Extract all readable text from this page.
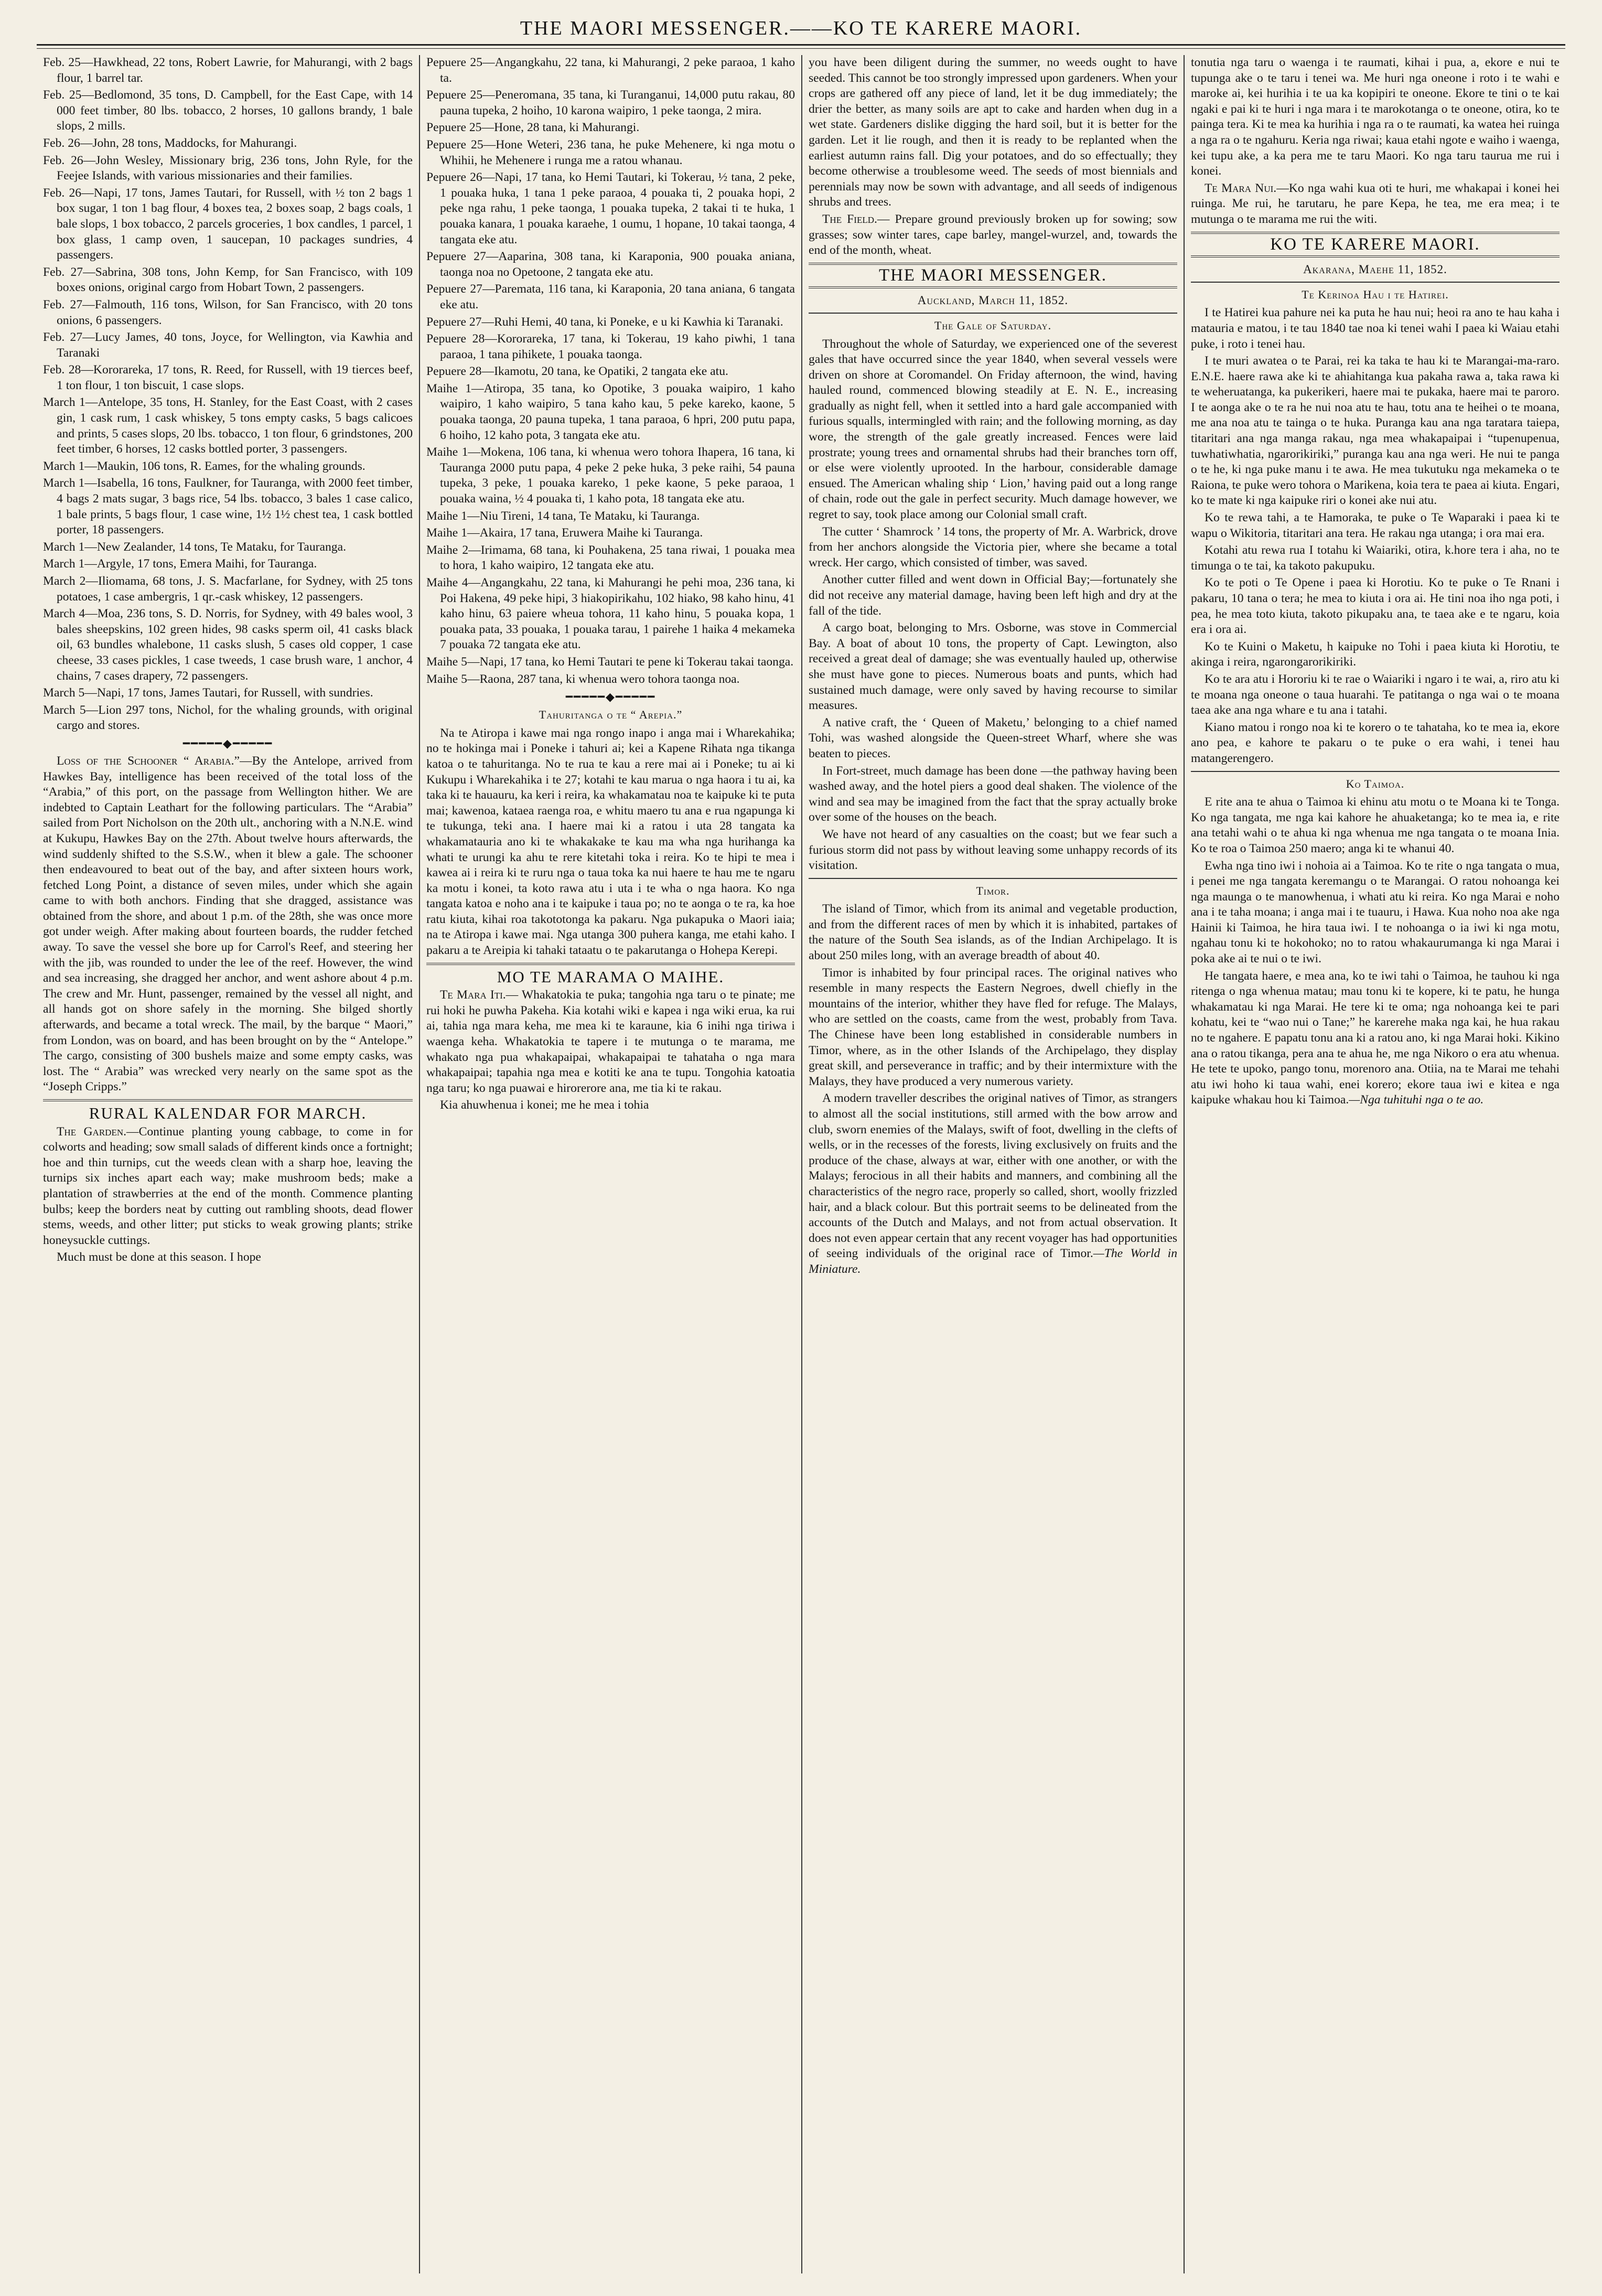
THE MAORI MESSENGER.——KO TE KARERE MAORI.

Feb. 25—Hawkhead, 22 tons, Robert Lawrie, for Mahurangi, with 2 bags flour, 1 barrel tar.

Feb. 25—Bedlomond, 35 tons, D. Campbell, for the East Cape, with 14 000 feet timber, 80 lbs. tobacco, 2 horses, 10 gallons brandy, 1 bale slops, 2 mills.

Feb. 26—John, 28 tons, Maddocks, for Mahurangi.

Feb. 26—John Wesley, Missionary brig, 236 tons, John Ryle, for the Feejee Islands, with various missionaries and their families.

Feb. 26—Napi, 17 tons, James Tautari, for Russell, with ½ ton 2 bags 1 box sugar, 1 ton 1 bag flour, 4 boxes tea, 2 boxes soap, 2 bags coals, 1 bale slops, 1 box tobacco, 2 parcels groceries, 1 box candles, 1 parcel, 1 box glass, 1 camp oven, 1 saucepan, 10 packages sundries, 4 passengers.

Feb. 27—Sabrina, 308 tons, John Kemp, for San Francisco, with 109 boxes onions, original cargo from Hobart Town, 2 passengers.

Feb. 27—Falmouth, 116 tons, Wilson, for San Francisco, with 20 tons onions, 6 passengers.

Feb. 27—Lucy James, 40 tons, Joyce, for Wellington, via Kawhia and Taranaki

Feb. 28—Kororareka, 17 tons, R. Reed, for Russell, with 19 tierces beef, 1 ton flour, 1 ton biscuit, 1 case slops.

March 1—Antelope, 35 tons, H. Stanley, for the East Coast, with 2 cases gin, 1 cask rum, 1 cask whiskey, 5 tons empty casks, 5 bags calicoes and prints, 5 cases slops, 20 lbs. tobacco, 1 ton flour, 6 grindstones, 200 feet timber, 6 horses, 12 casks bottled porter, 3 passengers.

March 1—Maukin, 106 tons, R. Eames, for the whaling grounds.

March 1—Isabella, 16 tons, Faulkner, for Tauranga, with 2000 feet timber, 4 bags 2 mats sugar, 3 bags rice, 54 lbs. tobacco, 3 bales 1 case calico, 1 bale prints, 5 bags flour, 1 case wine, 1½ 1½ chest tea, 1 cask bottled porter, 18 passengers.

March 1—New Zealander, 14 tons, Te Mataku, for Tauranga.

March 1—Argyle, 17 tons, Emera Maihi, for Tauranga.

March 2—Iliomama, 68 tons, J. S. Macfarlane, for Sydney, with 25 tons potatoes, 1 case ambergris, 1 qr.-cask whiskey, 12 passengers.

March 4—Moa, 236 tons, S. D. Norris, for Sydney, with 49 bales wool, 3 bales sheepskins, 102 green hides, 98 casks sperm oil, 41 casks black oil, 63 bundles whalebone, 11 casks slush, 5 cases old copper, 1 case cheese, 33 cases pickles, 1 case tweeds, 1 case brush ware, 1 anchor, 4 chains, 7 cases drapery, 72 passengers.

March 5—Napi, 17 tons, James Tautari, for Russell, with sundries.

March 5—Lion 297 tons, Nichol, for the whaling grounds, with original cargo and stores.

━━━━━◆━━━━━

Loss of the Schooner “ Arabia.”—By the Antelope, arrived from Hawkes Bay, intelligence has been received of the total loss of the “Arabia,” of this port, on the passage from Wellington hither. We are indebted to Captain Leathart for the following particulars. The “Arabia” sailed from Port Nicholson on the 20th ult., anchoring with a N.N.E. wind at Kukupu, Hawkes Bay on the 27th. About twelve hours afterwards, the wind suddenly shifted to the S.S.W., when it blew a gale. The schooner then endeavoured to beat out of the bay, and after sixteen hours work, fetched Long Point, a distance of seven miles, under which she again came to with both anchors. Finding that she dragged, assistance was obtained from the shore, and about 1 p.m. of the 28th, she was once more got under weigh. After making about fourteen boards, the rudder fetched away. To save the vessel she bore up for Carrol's Reef, and steering her with the jib, was rounded to under the lee of the reef. However, the wind and sea increasing, she dragged her anchor, and went ashore about 4 p.m. The crew and Mr. Hunt, passenger, remained by the vessel all night, and all hands got on shore safely in the morning. She bilged shortly afterwards, and became a total wreck. The mail, by the barque “ Maori,” from London, was on board, and has been brought on by the “ Antelope.” The cargo, consisting of 300 bushels maize and some empty casks, was lost. The “ Arabia” was wrecked very nearly on the same spot as the “Joseph Cripps.”

RURAL KALENDAR FOR MARCH.

The Garden.—Continue planting young cabbage, to come in for colworts and heading; sow small salads of different kinds once a fortnight; hoe and thin turnips, cut the weeds clean with a sharp hoe, leaving the turnips six inches apart each way; make mushroom beds; make a plantation of strawberries at the end of the month. Commence planting bulbs; keep the borders neat by cutting out rambling shoots, dead flower stems, weeds, and other litter; put sticks to weak growing plants; strike honeysuckle cuttings.

Much must be done at this season. I hope

Pepuere 25—Angangkahu, 22 tana, ki Mahurangi, 2 peke paraoa, 1 kaho ta.

Pepuere 25—Peneromana, 35 tana, ki Turanganui, 14,000 putu rakau, 80 pauna tupeka, 2 hoiho, 10 karona waipiro, 1 peke taonga, 2 mira.

Pepuere 25—Hone, 28 tana, ki Mahurangi.

Pepuere 25—Hone Weteri, 236 tana, he puke Mehenere, ki nga motu o Whihii, he Mehenere i runga me a ratou whanau.

Pepuere 26—Napi, 17 tana, ko Hemi Tautari, ki Tokerau, ½ tana, 2 peke, 1 pouaka huka, 1 tana 1 peke paraoa, 4 pouaka ti, 2 pouaka hopi, 2 peke nga rahu, 1 peke taonga, 1 pouaka tupeka, 2 takai ti te huka, 1 pouaka kanara, 1 pouaka karaehe, 1 oumu, 1 hopane, 10 takai taonga, 4 tangata eke atu.

Pepuere 27—Aaparina, 308 tana, ki Karaponia, 900 pouaka aniana, taonga noa no Opetoone, 2 tangata eke atu.

Pepuere 27—Paremata, 116 tana, ki Karaponia, 20 tana aniana, 6 tangata eke atu.

Pepuere 27—Ruhi Hemi, 40 tana, ki Poneke, e u ki Kawhia ki Taranaki.

Pepuere 28—Kororareka, 17 tana, ki Tokerau, 19 kaho piwhi, 1 tana paraoa, 1 tana pihikete, 1 pouaka taonga.

Pepuere 28—Ikamotu, 20 tana, ke Opatiki, 2 tangata eke atu.

Maihe 1—Atiropa, 35 tana, ko Opotike, 3 pouaka waipiro, 1 kaho waipiro, 1 kaho waipiro, 5 tana kaho kau, 5 peke kareko, kaone, 5 pouaka taonga, 20 pauna tupeka, 1 tana paraoa, 6 hpri, 200 putu papa, 6 hoiho, 12 kaho pota, 3 tangata eke atu.

Maihe 1—Mokena, 106 tana, ki whenua wero tohora Ihapera, 16 tana, ki Tauranga 2000 putu papa, 4 peke 2 peke huka, 3 peke raihi, 54 pauna tupeka, 3 peke, 1 pouaka kareko, 1 peke kaone, 5 peke paraoa, 1 pouaka waina, ½ 4 pouaka ti, 1 kaho pota, 18 tangata eke atu.

Maihe 1—Niu Tireni, 14 tana, Te Mataku, ki Tauranga.

Maihe 1—Akaira, 17 tana, Eruwera Maihe ki Tauranga.

Maihe 2—Irimama, 68 tana, ki Pouhakena, 25 tana riwai, 1 pouaka mea to hora, 1 kaho waipiro, 12 tangata eke atu.

Maihe 4—Angangkahu, 22 tana, ki Mahurangi he pehi moa, 236 tana, ki Poi Hakena, 49 peke hipi, 3 hiakopirikahu, 102 hiako, 98 kaho hinu, 41 kaho hinu, 63 paiere wheua tohora, 11 kaho hinu, 5 pouaka kopa, 1 pouaka pata, 33 pouaka, 1 pouaka tarau, 1 pairehe 1 haika 4 mekameka 7 pouaka 72 tangata eke atu.

Maihe 5—Napi, 17 tana, ko Hemi Tautari te pene ki Tokerau takai taonga.

Maihe 5—Raona, 287 tana, ki whenua wero tohora taonga noa.

━━━━━◆━━━━━
Tahuritanga o te “ Arepia.”

Na te Atiropa i kawe mai nga rongo inapo i anga mai i Wharekahika; no te hokinga mai i Poneke i tahuri ai; kei a Kapene Rihata nga tikanga katoa o te tahuritanga. No te rua te kau a rere mai ai i Poneke; tu ai ki Kukupu i Wharekahika i te 27; kotahi te kau marua o nga haora i tu ai, ka taka ki te hauauru, ka keri i reira, ka whakamatau noa te kaipuke ki te puta mai; kawenoa, kataea raenga roa, e whitu maero tu ana e rua ngapunga ki te tukunga, teki ana. I haere mai ki a ratou i uta 28 tangata ka whakamatauria ano ki te whakakake te kau ma wha nga hurihanga ka whati te urungi ka ahu te rere kitetahi toka i reira. Ko te hipi te mea i kawea ai i reira ki te ruru nga o taua toka ka nui haere te hau me te ngaru ka motu i konei, ta koto rawa atu i uta i te wha o nga haora. Ko nga tangata katoa e noho ana i te kaipuke i taua po; no te aonga o te ra, ka hoe ratu kiuta, kihai roa takototonga ka pakaru. Nga pukapuka o Maori iaia; na te Atiropa i kawe mai. Nga utanga 300 puhera kanga, me etahi kaho. I pakaru a te Areipia ki tahaki tataatu o te pakarutanga o Hohepa Kerepi.

MO TE MARAMA O MAIHE.

Te Mara Iti.— Whakatokia te puka; tangohia nga taru o te pinate; me rui hoki he puwha Pakeha. Kia kotahi wiki e kapea i nga wiki erua, ka rui ai, tahia nga mara keha, me mea ki te karaune, kia 6 inihi nga tiriwa i waenga keha. Whakatokia te tapere i te mutunga o te marama, me whakato nga pua whakapaipai, whakapaipai te tahataha o nga mara whakapaipai; tapahia nga mea e kotiti ke ana te tupu. Tongohia katoatia nga taru; ko nga puawai e hirorerore ana, me tia ki te rakau.

Kia ahuwhenua i konei; me he mea i tohia

you have been diligent during the summer, no weeds ought to have seeded. This cannot be too strongly impressed upon gardeners. When your crops are gathered off any piece of land, let it be dug immediately; the drier the better, as many soils are apt to cake and harden when dug in a wet state. Gardeners dislike digging the hard soil, but it is better for the garden. Let it lie rough, and then it is ready to be replanted when the earliest autumn rains fall. Dig your potatoes, and do so effectually; they become otherwise a troublesome weed. The seeds of most biennials and perennials may now be sown with advantage, and all seeds of indigenous shrubs and trees.

The Field.— Prepare ground previously broken up for sowing; sow grasses; sow winter tares, cape barley, mangel-wurzel, and, towards the end of the month, wheat.

THE MAORI MESSENGER.
Auckland, March 11, 1852.
The Gale of Saturday.

Throughout the whole of Saturday, we experienced one of the severest gales that have occurred since the year 1840, when several vessels were driven on shore at Coromandel. On Friday afternoon, the wind, having hauled round, commenced blowing steadily at E. N. E., increasing gradually as night fell, when it settled into a hard gale accompanied with furious squalls, intermingled with rain; and the following morning, as day wore, the strength of the gale greatly increased. Fences were laid prostrate; young trees and ornamental shrubs had their branches torn off, or else were violently uprooted. In the harbour, considerable damage ensued. The American whaling ship ‘ Lion,’ having paid out a long range of chain, rode out the gale in perfect security. Much damage however, we regret to say, took place among our Colonial small craft.

The cutter ‘ Shamrock ’ 14 tons, the property of Mr. A. Warbrick, drove from her anchors alongside the Victoria pier, where she became a total wreck. Her cargo, which consisted of timber, was saved.

Another cutter filled and went down in Official Bay;—fortunately she did not receive any material damage, having been left high and dry at the fall of the tide.

A cargo boat, belonging to Mrs. Osborne, was stove in Commercial Bay. A boat of about 10 tons, the property of Capt. Lewington, also received a great deal of damage; she was eventually hauled up, otherwise she must have gone to pieces. Numerous boats and punts, which had sustained much damage, were only saved by having recourse to similar measures.

A native craft, the ‘ Queen of Maketu,’ belonging to a chief named Tohi, was washed alongside the Queen-street Wharf, where she was beaten to pieces.

In Fort-street, much damage has been done —the pathway having been washed away, and the hotel piers a good deal shaken. The violence of the wind and sea may be imagined from the fact that the spray actually broke over some of the houses on the beach.

We have not heard of any casualties on the coast; but we fear such a furious storm did not pass by without leaving some unhappy records of its visitation.

Timor.

The island of Timor, which from its animal and vegetable production, and from the different races of men by which it is inhabited, partakes of the nature of the South Sea islands, as of the Indian Archipelago. It is about 250 miles long, with an average breadth of about 40.

Timor is inhabited by four principal races. The original natives who resemble in many respects the Eastern Negroes, dwell chiefly in the mountains of the interior, whither they have fled for refuge. The Malays, who are settled on the coasts, came from the west, probably from Tava. The Chinese have been long established in considerable numbers in Timor, where, as in the other Islands of the Archipelago, they display great skill, and perseverance in traffic; and by their intermixture with the Malays, they have produced a very numerous variety.

A modern traveller describes the original natives of Timor, as strangers to almost all the social institutions, still armed with the bow arrow and club, sworn enemies of the Malays, swift of foot, dwelling in the clefts of wells, or in the recesses of the forests, living exclusively on fruits and the produce of the chase, always at war, either with one another, or with the Malays; ferocious in all their habits and manners, and combining all the characteristics of the negro race, properly so called, short, woolly frizzled hair, and a black colour. But this portrait seems to be delineated from the accounts of the Dutch and Malays, and not from actual observation. It does not even appear certain that any recent voyager has had opportunities of seeing individuals of the original race of Timor.—The World in Miniature.

tonutia nga taru o waenga i te raumati, kihai i pua, a, ekore e nui te tupunga ake o te taru i tenei wa. Me huri nga oneone i roto i te wahi e maroke ai, kei hurihia i te ua ka kopipiri te oneone. Ekore te tini o te kai ngaki e pai ki te huri i nga mara i te marokotanga o te oneone, otira, ko te painga tera. Ki te mea ka hurihia i nga ra o te raumati, ka watea hei ruinga a nga ra o te ngahuru. Keria nga riwai; kaua etahi ngote e waiho i waenga, kei tupu ake, a ka pera me te taru Maori. Ko nga taru taurua me rui i konei.

Te Mara Nui.—Ko nga wahi kua oti te huri, me whakapai i konei hei ruinga. Me rui, he tarutaru, he pare Kepa, he tea, me era mea; i te mutunga o te marama me rui the witi.

KO TE KARERE MAORI.
Akarana, Maehe 11, 1852.
Te Kerinoa Hau i te Hatirei.

I te Hatirei kua pahure nei ka puta he hau nui; heoi ra ano te hau kaha i matauria e matou, i te tau 1840 tae noa ki tenei wahi I paea ki Waiau etahi puke, i roto i tenei hau.

I te muri awatea o te Parai, rei ka taka te hau ki te Marangai-ma-raro. E.N.E. haere rawa ake ki te ahiahitanga kua pakaha rawa a, taka rawa ki te weheruatanga, ka pukerikeri, haere mai te pukaka, haere mai te paroro. I te aonga ake o te ra he nui noa atu te hau, totu ana te heihei o te moana, me ana noa atu te tainga o te huka. Puranga kau ana nga taratara taiepa, titaritari ana nga manga rakau, nga mea whakapaipai i “tupenupenua, tuwhatiwhatia, ngarorikiriki,” puranga kau ana nga weri. He nui te panga o te he, ki nga puke manu i te awa. He mea tukutuku nga mekameka o te Raiona, te puke wero tohora o Marikena, koia tera te paea ai kiuta. Engari, ko te mate ki nga kaipuke riri o konei ake nui atu.

Ko te rewa tahi, a te Hamoraka, te puke o Te Waparaki i paea ki te wapu o Wikitoria, titaritari ana tera. He rakau nga utanga; i ora mai era.

Kotahi atu rewa rua I totahu ki Waiariki, otira, k.hore tera i aha, no te timunga o te tai, ka takoto pakupuku.

Ko te poti o Te Opene i paea ki Horotiu. Ko te puke o Te Rnani i pakaru, 10 tana o tera; he mea to kiuta i ora ai. He tini noa iho nga poti, i pea, he mea toto kiuta, takoto pikupaku ana, te taea ake e te ngaru, koia era i ora ai.

Ko te Kuini o Maketu, h kaipuke no Tohi i paea kiuta ki Horotiu, te akinga i reira, ngarongarorikiriki.

Ko te ara atu i Hororiu ki te rae o Waiariki i ngaro i te wai, a, riro atu ki te moana nga oneone o taua huarahi. Te patitanga o nga wai o te moana taea ake ana nga whare e tu ana i tatahi.

Kiano matou i rongo noa ki te korero o te tahataha, ko te mea ia, ekore ano pea, e kahore te pakaru o te puke o era wahi, i tenei hau matangerengero.

Ko Taimoa.

E rite ana te ahua o Taimoa ki ehinu atu motu o te Moana ki te Tonga. Ko nga tangata, me nga kai kahore he ahuaketanga; ko te mea ia, e rite ana tetahi wahi o te ahua ki nga whenua me nga tangata o te moana Inia. Ko te roa o Taimoa 250 maero; anga ki te whanui 40.

Ewha nga tino iwi i nohoia ai a Taimoa. Ko te rite o nga tangata o mua, i penei me nga tangata keremangu o te Marangai. O ratou nohoanga kei nga maunga o te manowhenua, i whati atu ki reira. Ko nga Marai e noho ana i te taha moana; i anga mai i te tuauru, i Hawa. Kua noho noa ake nga Hainii ki Taimoa, he hira taua iwi. I te nohoanga o ia iwi ki nga motu, ngahau tonu ki te hokohoko; no to ratou whakaurumanga ki nga Marai i poka ake ai te nui o te iwi.

He tangata haere, e mea ana, ko te iwi tahi o Taimoa, he tauhou ki nga ritenga o nga whenua matau; mau tonu ki te kopere, ki te patu, he hunga whakamatau ki nga Marai. He tere ki te oma; nga nohoanga kei te pari kohatu, kei te “wao nui o Tane;” he karerehe maka nga kai, he hua rakau no te ngahere. E papatu tonu ana ki a ratou ano, ki nga Marai hoki. Kikino ana o ratou tikanga, pera ana te ahua he, me nga Nikoro o era atu whenua. He tete te upoko, pango tonu, morenoro ana. Otiia, na te Marai me tehahi atu iwi hoho ki taua wahi, enei korero; ekore taua iwi e kitea e nga kaipuke whakau hou ki Taimoa.—Nga tuhituhi nga o te ao.
